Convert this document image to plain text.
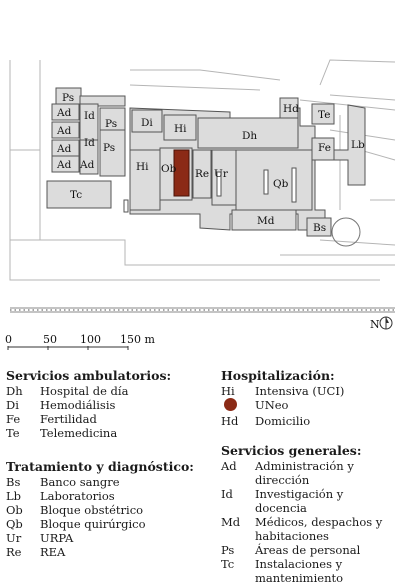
Ps
Ad Id
Ps
Ad
Ad Id
Ad
Ps
Ad
Tc
Di Hi
Dh
Hd Te
Fe Lb
Hi Ob Re Ur
Qb
Md
Bs
N
0	50 100 150 m
Servicios ambulatorios:
Dh	Hospital de día
Di	Hemodiálisis
Fe	Fertilidad
Te	Telemedicina
Tratamiento y diagnóstico:
Bs	Banco sangre
Lb	Laboratorios
Ob	Bloque obstétrico
Qb	Bloque quirúrgico
Ur	URPA
Re	REA
Hospitalización:
Hi	Intensiva (UCI)
UNeo
Hd	Domicilio
Servicios generales:
Ad	Administración y dirección
Id	Investigación y docencia
Md	Médicos, despachos y habitaciones
Ps	Áreas de personal
Tc	Instalaciones y mantenimiento
